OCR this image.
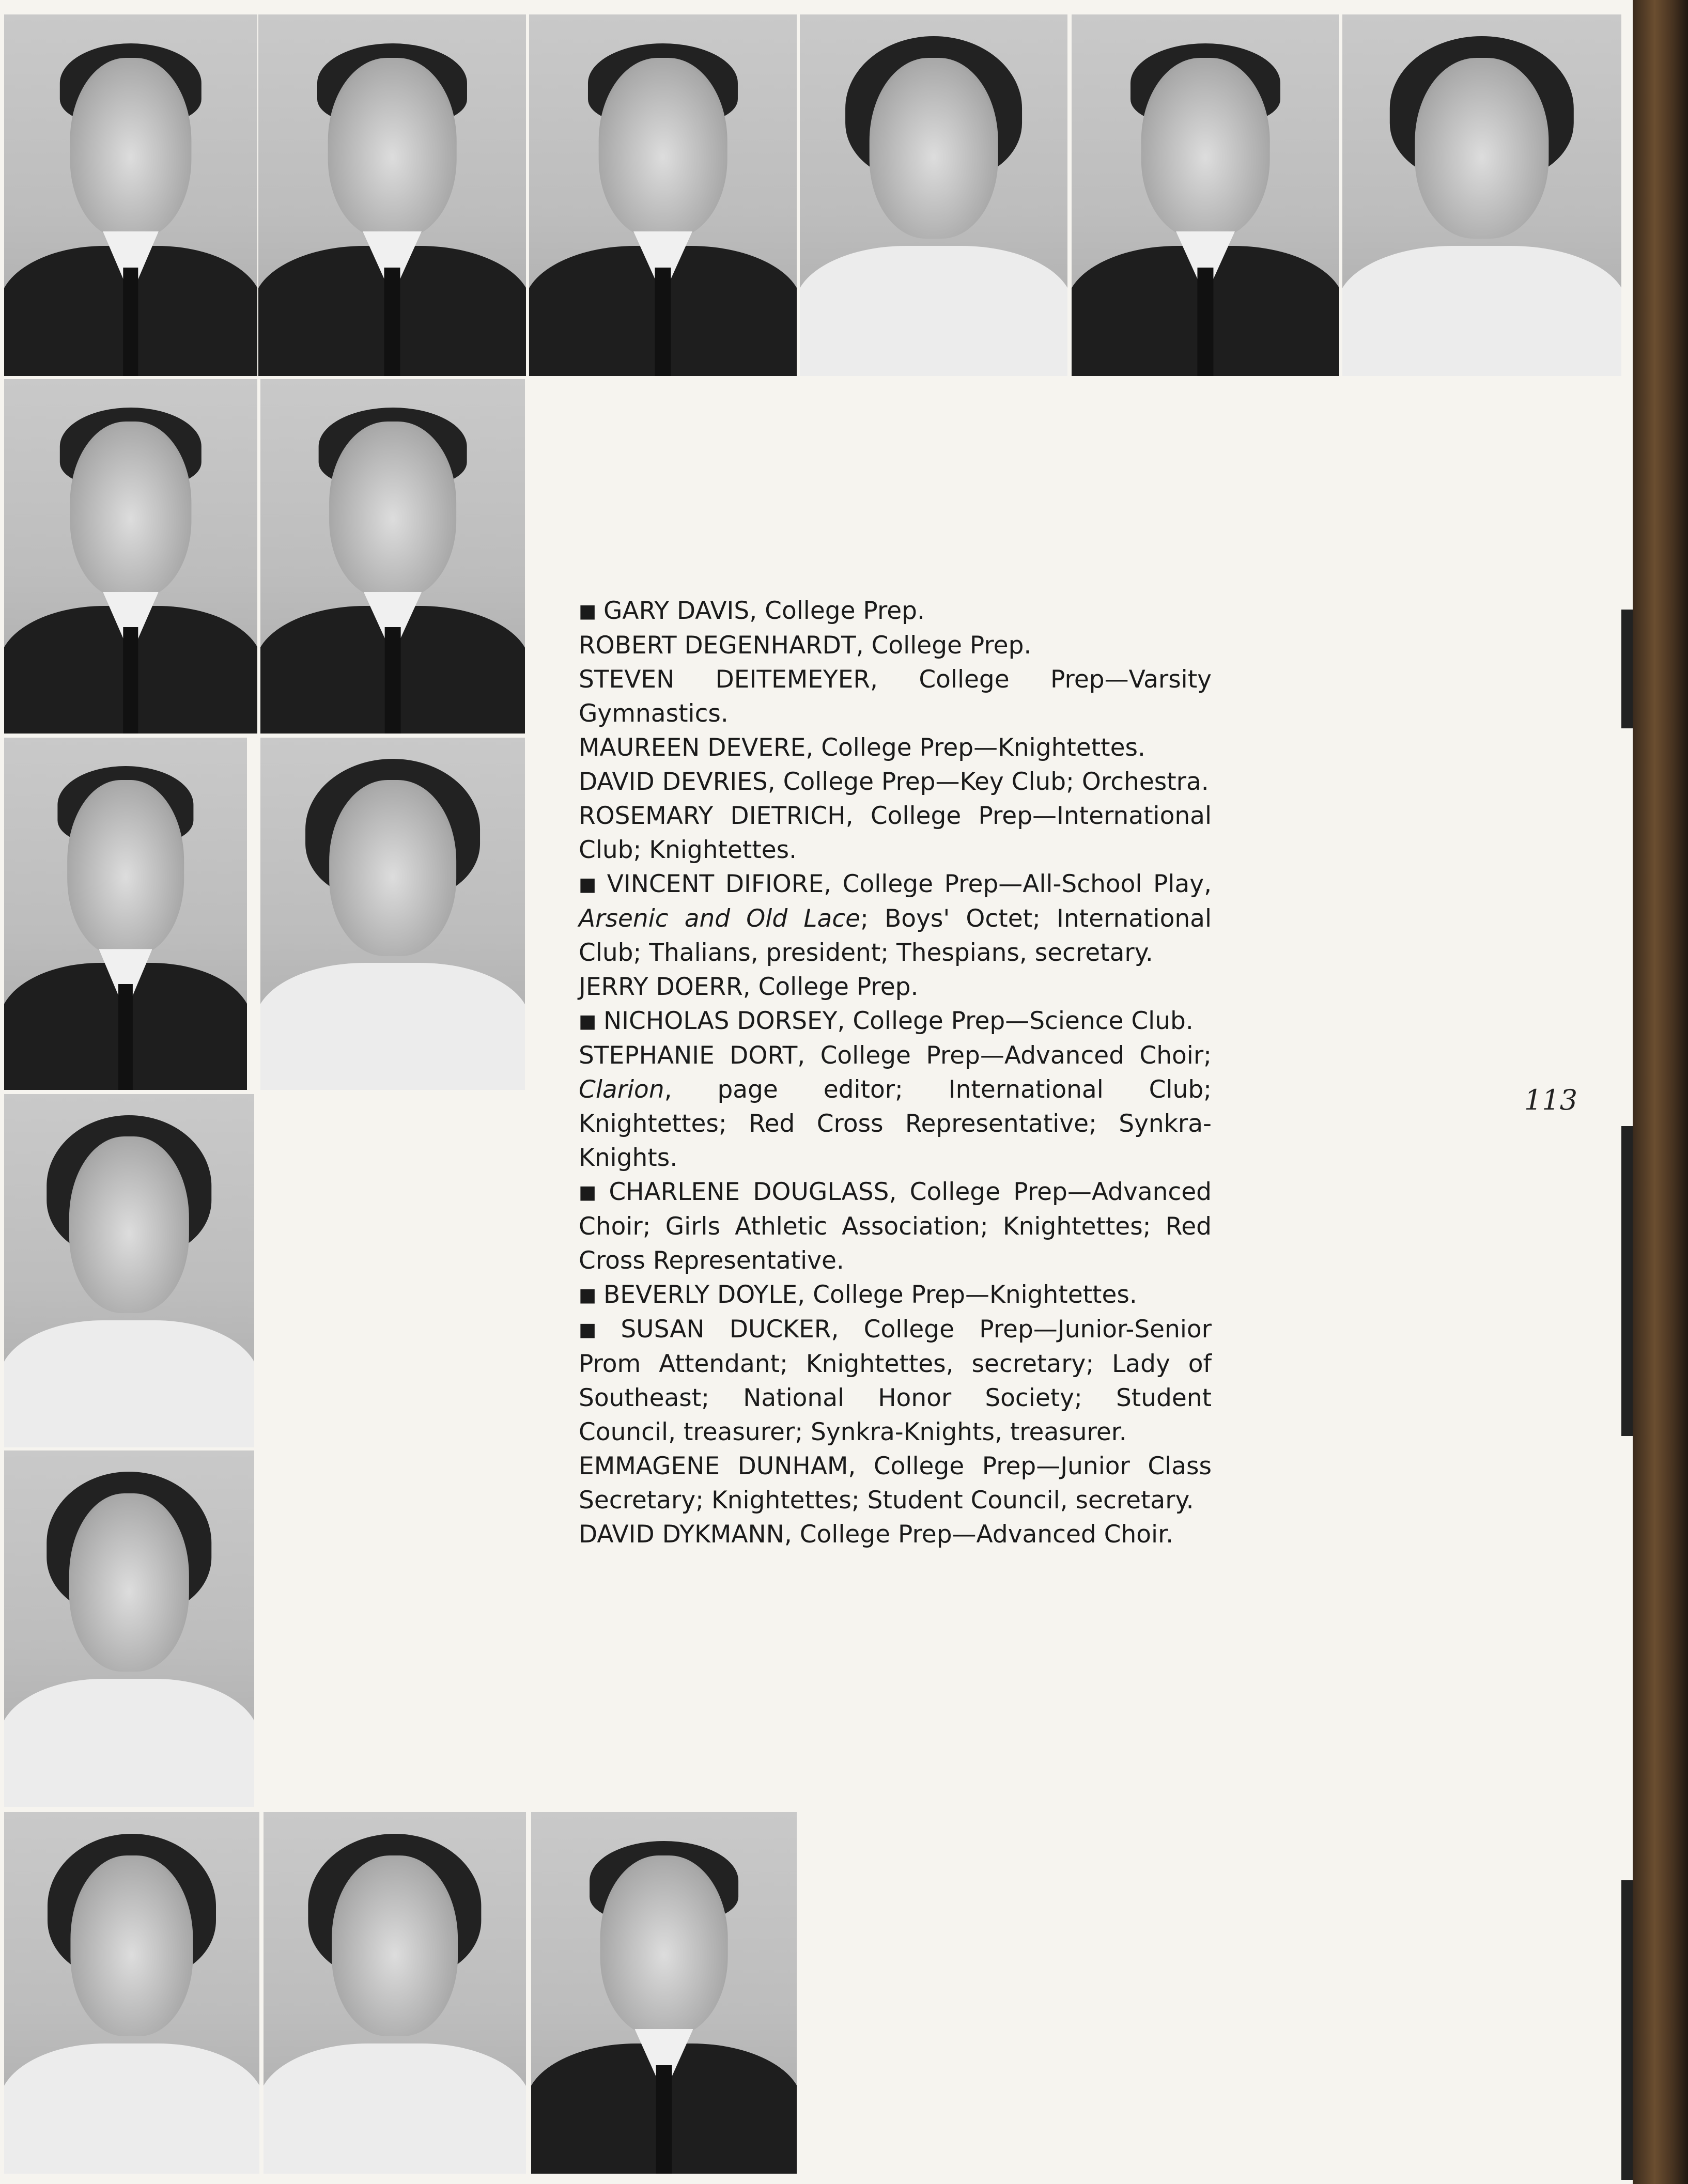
■ GARY DAVIS, College Prep.
ROBERT DEGENHARDT, College Prep.
STEVEN DEITEMEYER, College Prep—Varsity Gymnastics.
MAUREEN DEVERE, College Prep—Knightettes.
DAVID DEVRIES, College Prep—Key Club; Orchestra.
ROSEMARY DIETRICH, College Prep—International Club; Knightettes.
■ VINCENT DIFIORE, College Prep—All-School Play, Arsenic and Old Lace; Boys' Octet; International Club; Thalians, president; Thespians, secretary.
JERRY DOERR, College Prep.
■ NICHOLAS DORSEY, College Prep—Science Club.
STEPHANIE DORT, College Prep—Advanced Choir; Clarion, page editor; International Club; Knightettes; Red Cross Representative; Synkra-Knights.
■ CHARLENE DOUGLASS, College Prep—Advanced Choir; Girls Athletic Association; Knightettes; Red Cross Representative.
■ BEVERLY DOYLE, College Prep—Knightettes.
■ SUSAN DUCKER, College Prep—Junior-Senior Prom Attendant; Knightettes, secretary; Lady of Southeast; National Honor Society; Student Council, treasurer; Synkra-Knights, treasurer.
EMMAGENE DUNHAM, College Prep—Junior Class Secretary; Knightettes; Student Council, secretary.
DAVID DYKMANN, College Prep—Advanced Choir.
113
